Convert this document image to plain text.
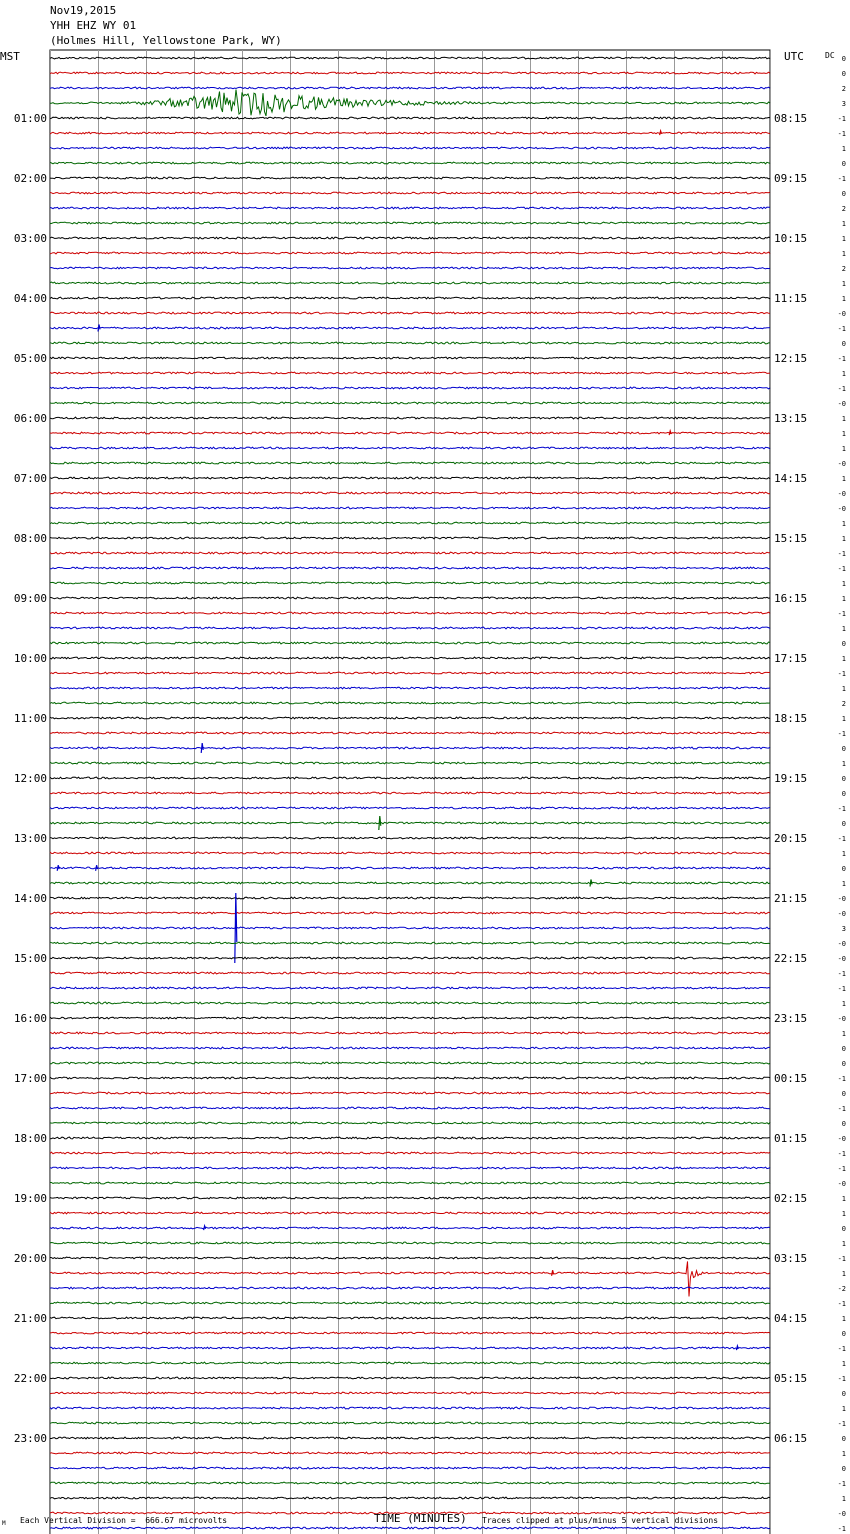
Nov19,2015
YHH EHZ WY 01
(Holmes Hill, Yellowstone Park, WY)
MST	UTC	DC 0
0
2
3
-1
-1
1
0
-1
0
2
1
1
1
2
1
1
-0
-1
0
-1
1
-1
-0
1
1
1
-0
1
-0
-0
1
1
-1
-1
1
1
-1
1
0
1
-1
1
2
1
-1
0
1
0
0
-1
0
-1
1
0
1
-0
-0
3
-0
-0
-1
-1
1
-0
1
0
0
-1
0
-1
0
-0
-1
-1
-0
1
1
0
1
-1
1
-2
-1
1
0
-1
1
-1
0
1
-1
0
1
0
-1
1
-0
-1
01:00
02:00
03:00
04:00
05:00
06:00
07:00
08:00
09:00
10:00
11:00
12:00
13:00
14:00
15:00
16:00
17:00
18:00
19:00
20:00
21:00
22:00
23:00
08:15
09:15
10:15
11:15
12:15
13:15
14:15
15:15
16:15
17:15
18:15
19:15
20:15
21:15
22:15
23:15
00:15
01:15
02:15
03:15
04:15
05:15
06:15
TIME (MINUTES)
M Each Vertical Division =  666.67 microvolts	Traces clipped at plus/minus 5 vertical divisions
